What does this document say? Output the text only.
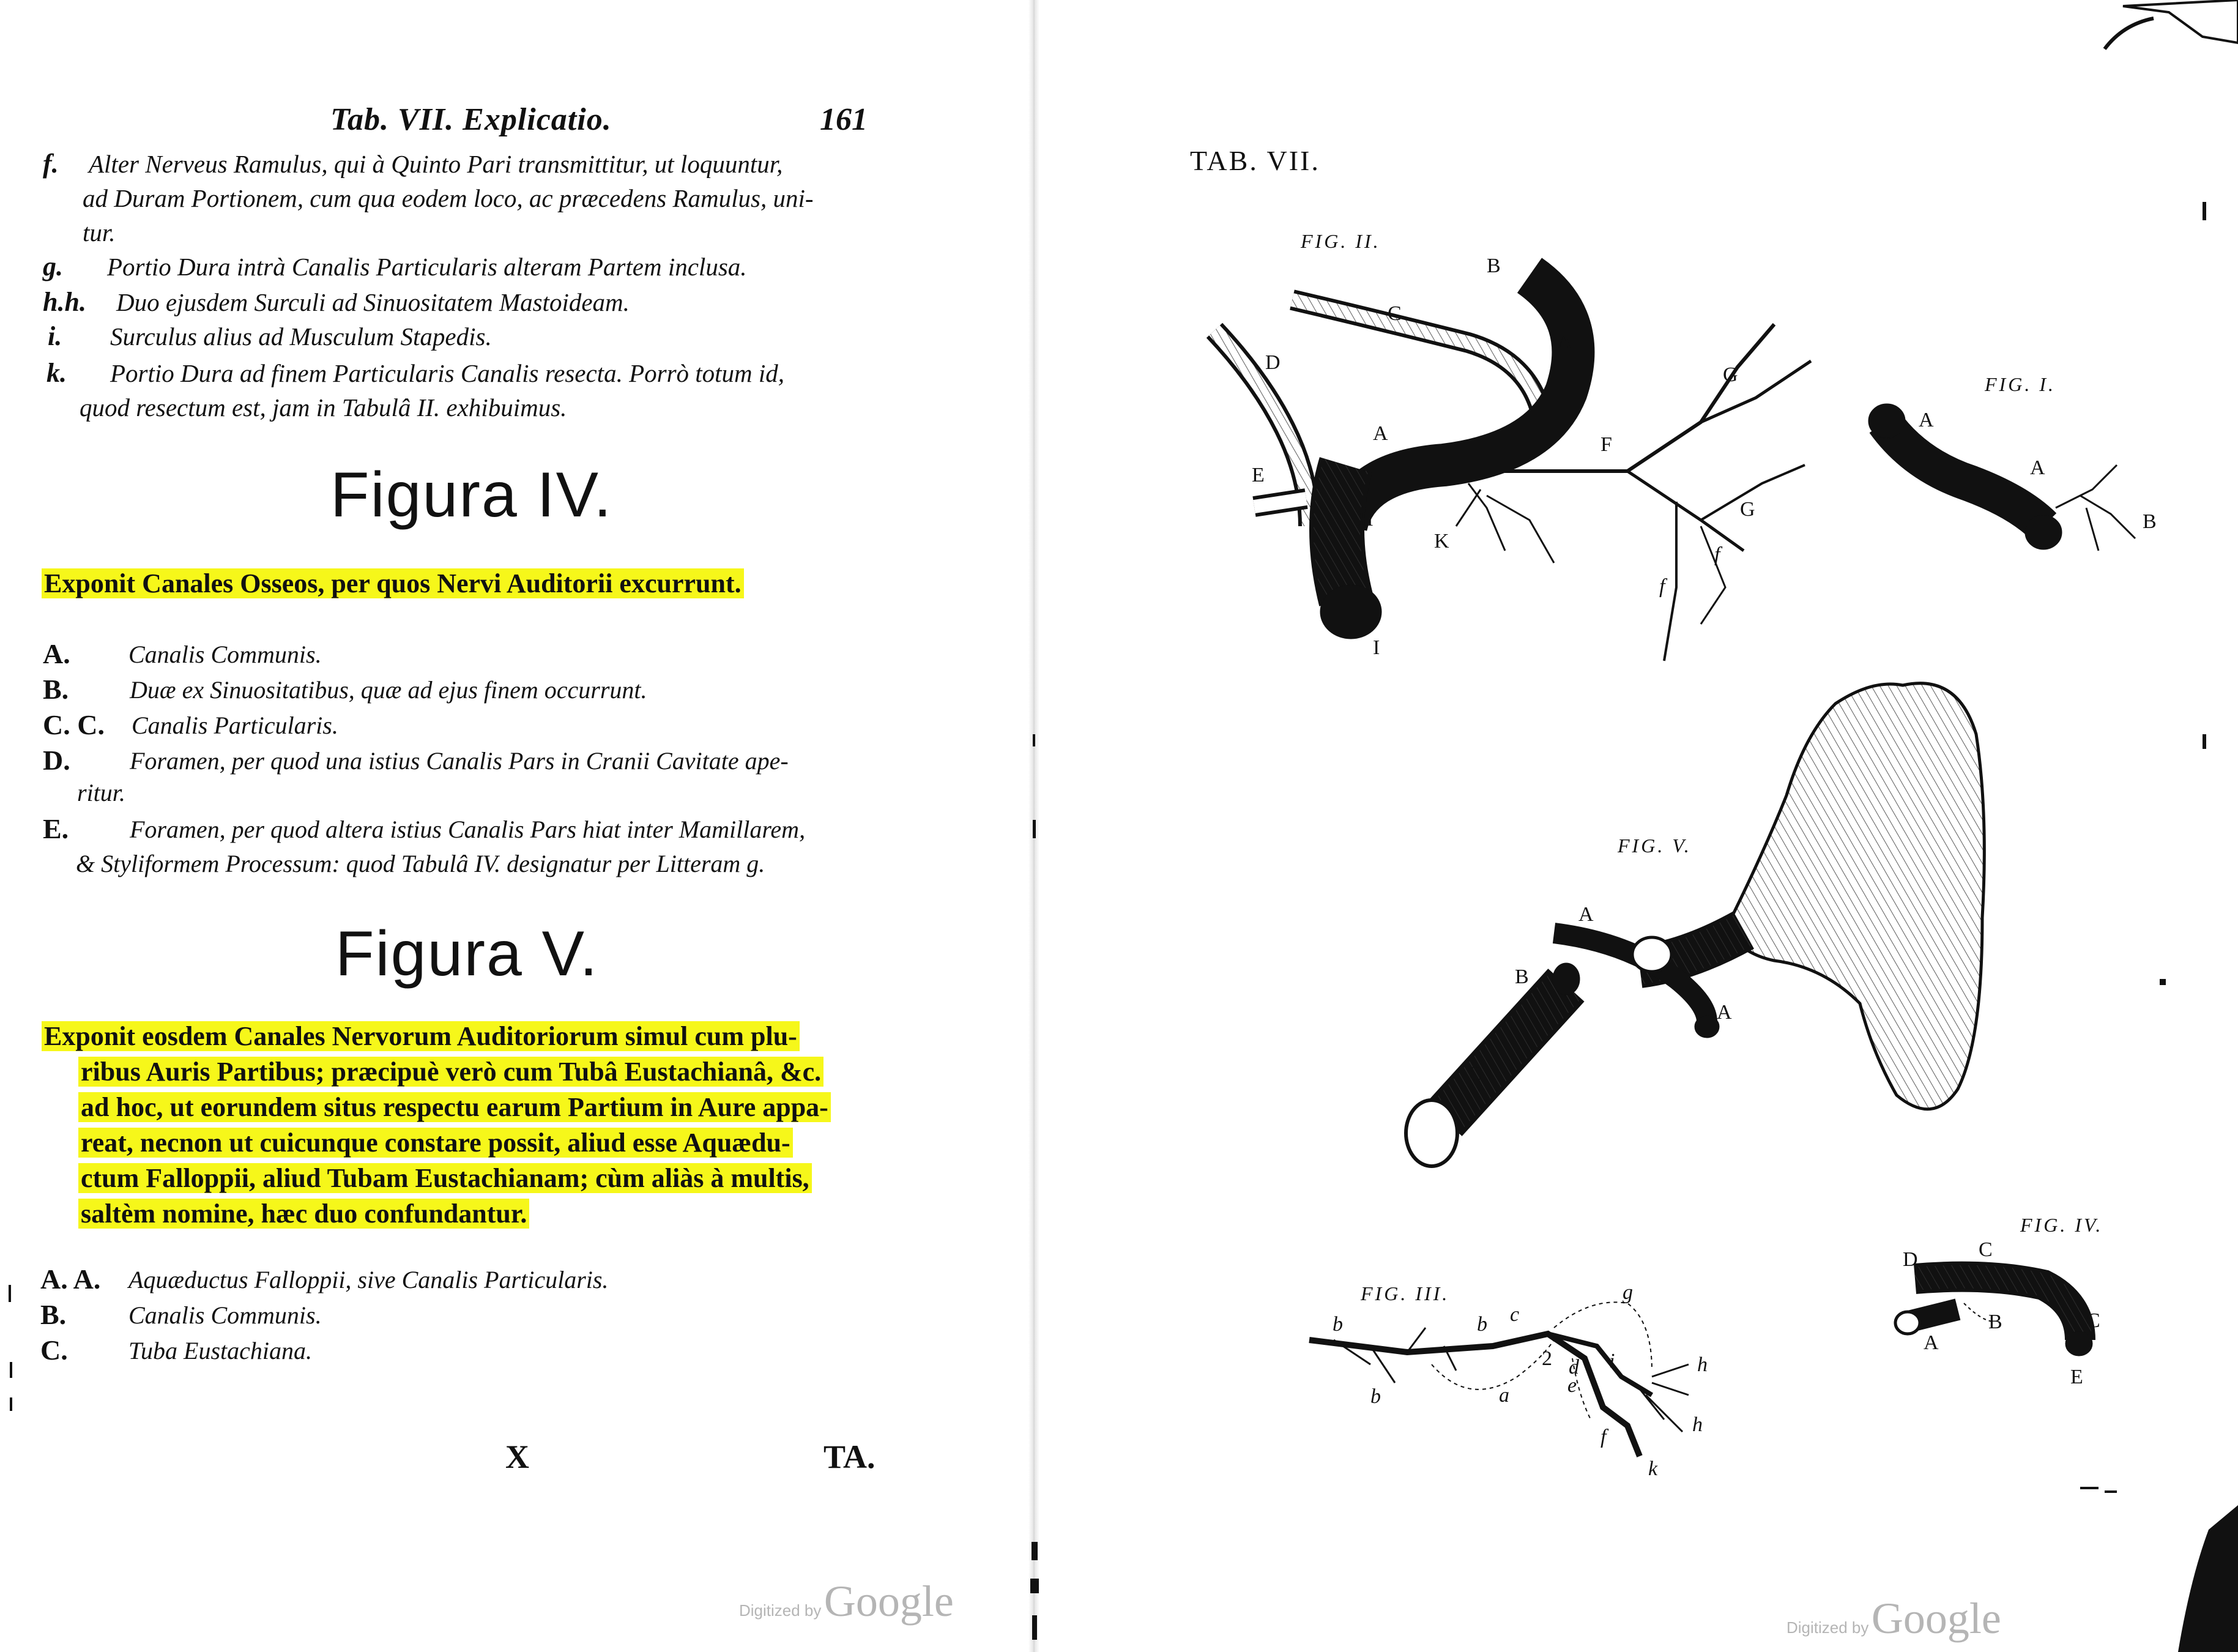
Tab. VII. Explicatio.	161
f. Alter Nerveus Ramulus, qui à Quinto Pari transmittitur, ut loquuntur,
ad Duram Portionem, cum qua eodem loco, ac præcedens Ramulus, uni-
tur.
g. Portio Dura intrà Canalis Particularis alteram Partem inclusa.
h.h. Duo ejusdem Surculi ad Sinuositatem Mastoideam.
i. Surculus alius ad Musculum Stapedis.
k. Portio Dura ad finem Particularis Canalis resecta. Porrò totum id,
quod resectum est, jam in Tabulâ II. exhibuimus.
Figura IV.
Exponit Canales Osseos, per quos Nervi Auditorii excurrunt.
A. Canalis Communis.
B. Duæ ex Sinuositatibus, quæ ad ejus finem occurrunt.
C. C. Canalis Particularis.
D. Foramen, per quod una istius Canalis Pars in Cranii Cavitate ape-
ritur.
E. Foramen, per quod altera istius Canalis Pars hiat inter Mamillarem,
& Styliformem Processum: quod Tabulâ IV. designatur per Litteram g.
Figura V.
Exponit eosdem Canales Nervorum Auditoriorum simul cum plu-
ribus Auris Partibus; præcipuè verò cum Tubâ Eustachianâ, &c.
ad hoc, ut eorundem situs respectu earum Partium in Aure appa-
reat, necnon ut cuicunque constare possit, aliud esse Aquædu-
ctum Falloppii, aliud Tubam Eustachianam; cùm aliàs à multis,
saltèm nomine, hæc duo confundantur.
A. A. Aquæductus Falloppii, sive Canalis Particularis.
B.	Canalis Communis.
C. Tuba Eustachiana.
X	TA.
Digitized by Google
TAB. VII.
FIG. II.
FIG. I.
FIG. V.
FIG. III.
FIG. IV.
A
A
B
C
D
E
F
G
G
H
I
K
f
f
A
A
B
A
A
B
C
b	b
b
c
g
2 d
e
i	h
h
a
f
k
C
D
B
A
C
E
Digitized by Google
